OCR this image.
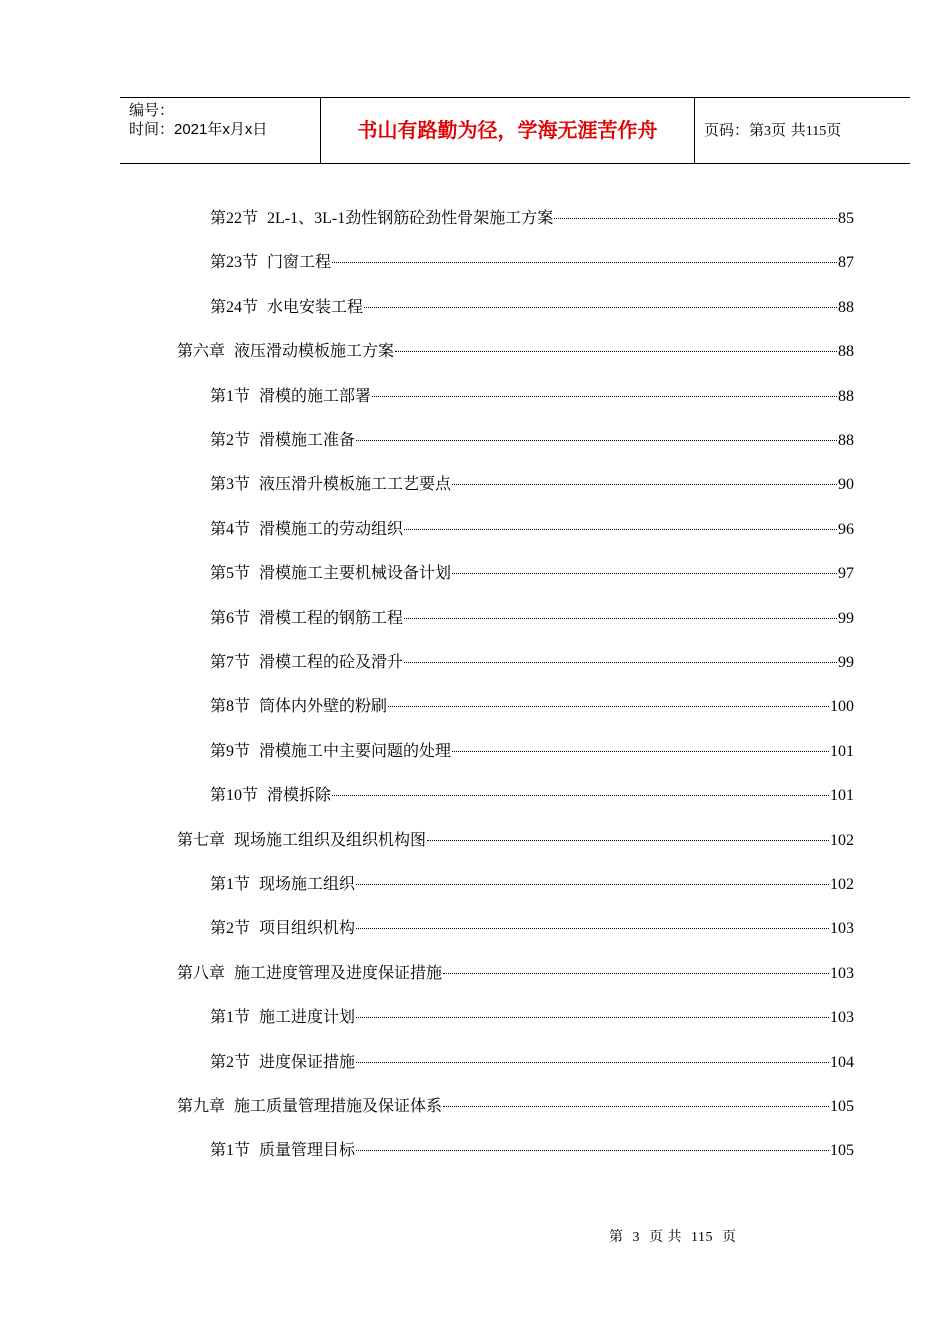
编号：
时间：2021年x月x日	书山有路勤为径，学海无涯苦作舟	页码：第3页 共115页
第22节 2L-1、3L-1劲性钢筋砼劲性骨架施工方案	85
第23节 门窗工程	87
第24节 水电安装工程	88
第六章 液压滑动模板施工方案	88
第1节 滑模的施工部署	88
第2节 滑模施工准备	88
第3节 液压滑升模板施工工艺要点	90
第4节 滑模施工的劳动组织	96
第5节 滑模施工主要机械设备计划	97
第6节 滑模工程的钢筋工程	99
第7节 滑模工程的砼及滑升	99
第8节 筒体内外壁的粉刷	100
第9节 滑模施工中主要问题的处理	101
第10节 滑模拆除	101
第七章 现场施工组织及组织机构图	102
第1节 现场施工组织	102
第2节 项目组织机构	103
第八章 施工进度管理及进度保证措施	103
第1节 施工进度计划	103
第2节 进度保证措施	104
第九章 施工质量管理措施及保证体系	105
第1节 质量管理目标	105
第 3 页 共 115 页
